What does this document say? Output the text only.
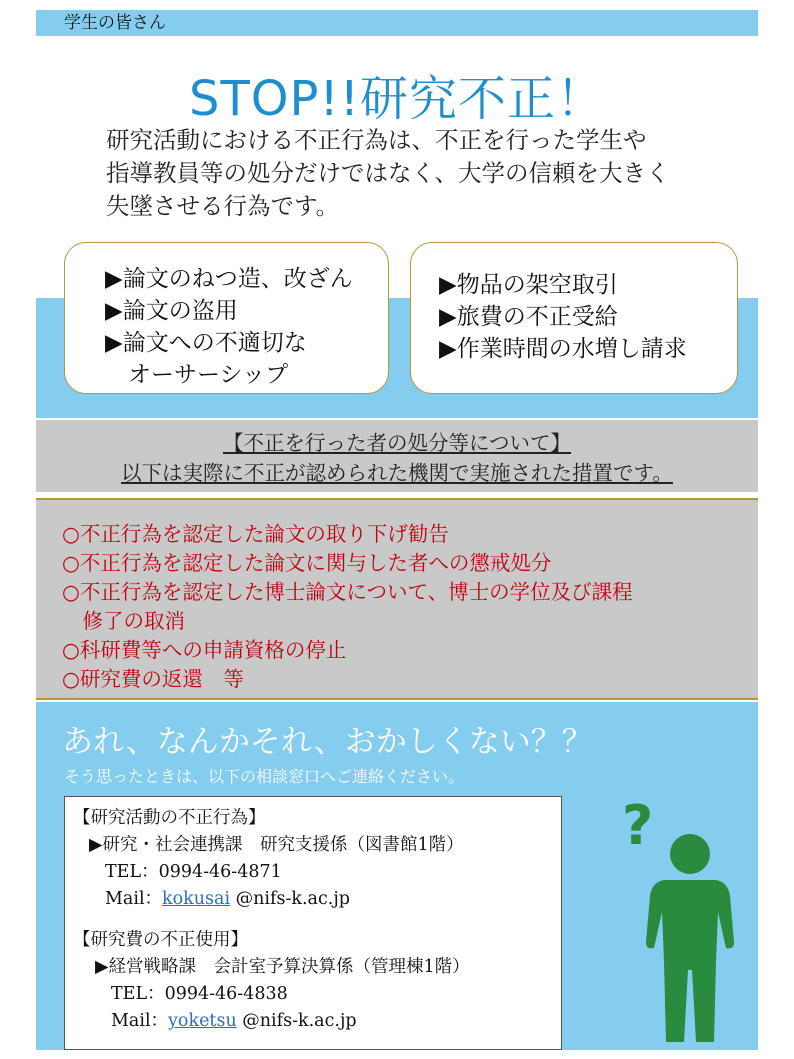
学生の皆さん
STOP!!研究不正！
研究活動における不正行為は、不正を行った学生や
指導教員等の処分だけではなく、大学の信頼を大きく
失墜させる行為です。
▶論文のねつ造、改ざん
▶論文の盗用
▶論文への不適切な
　オーサーシップ
▶物品の架空取引
▶旅費の不正受給
▶作業時間の水増し請求
【不正を行った者の処分等について】
以下は実際に不正が認められた機関で実施された措置です。
○不正行為を認定した論文の取り下げ勧告
○不正行為を認定した論文に関与した者への懲戒処分
○不正行為を認定した博士論文について、博士の学位及び課程
　修了の取消
○科研費等への申請資格の停止
○研究費の返還　等
あれ、なんかそれ、おかしくない？？
そう思ったときは、以下の相談窓口へご連絡ください。
【研究活動の不正行為】
▶研究・社会連携課　研究支援係（図書館1階）
TEL：0994-46-4871
Mail：kokusai @nifs-k.ac.jp
【研究費の不正使用】
▶経営戦略課　会計室予算決算係（管理棟1階）
TEL：0994-46-4838
Mail：yoketsu @nifs-k.ac.jp
?
